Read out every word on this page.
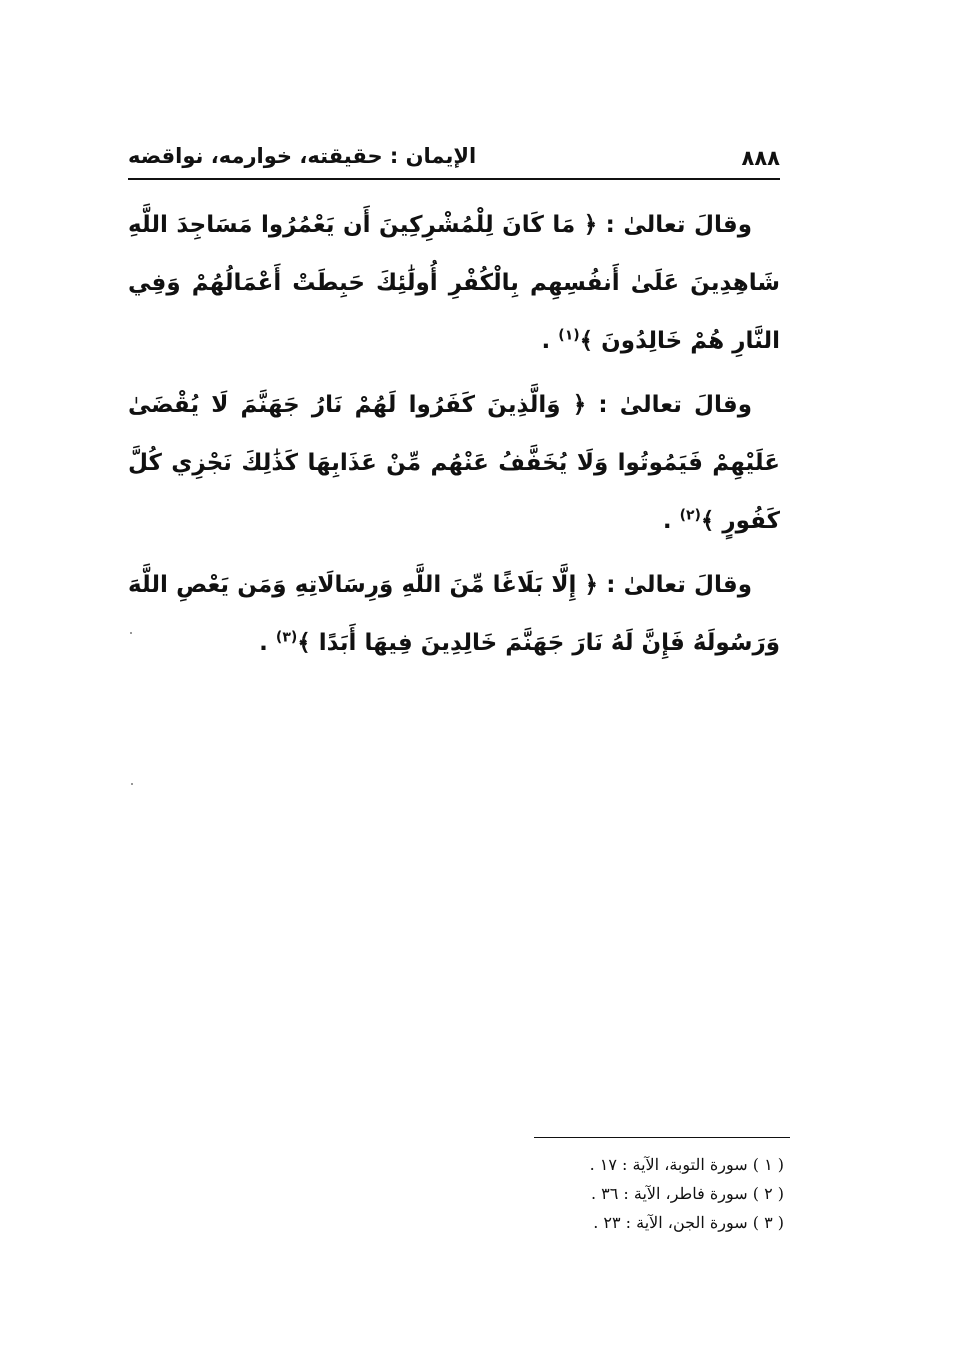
٨٨٨
الإيمان : حقيقته، خوارمه، نواقضه

وقالَ تعالىٰ : ﴿ مَا كَانَ لِلْمُشْرِكِينَ أَن يَعْمُرُوا مَسَاجِدَ اللَّهِ شَاهِدِينَ عَلَىٰ أَنفُسِهِم بِالْكُفْرِ أُولَٰئِكَ حَبِطَتْ أَعْمَالُهُمْ وَفِي النَّارِ هُمْ خَالِدُونَ ﴾$^{(١)}$ .

وقالَ تعالىٰ : ﴿ وَالَّذِينَ كَفَرُوا لَهُمْ نَارُ جَهَنَّمَ لَا يُقْضَىٰ عَلَيْهِمْ فَيَمُوتُوا وَلَا يُخَفَّفُ عَنْهُم مِّنْ عَذَابِهَا كَذَٰلِكَ نَجْزِي كُلَّ كَفُورٍ ﴾$^{(٢)}$ .

وقالَ تعالىٰ : ﴿ إِلَّا بَلَاغًا مِّنَ اللَّهِ وَرِسَالَاتِهِ وَمَن يَعْصِ اللَّهَ وَرَسُولَهُ فَإِنَّ لَهُ نَارَ جَهَنَّمَ خَالِدِينَ فِيهَا أَبَدًا ﴾$^{(٣)}$ .

( ١ ) سورة التوبة، الآية : ١٧ .
( ٢ ) سورة فاطر، الآية : ٣٦ .
( ٣ ) سورة الجن، الآية : ٢٣ .
